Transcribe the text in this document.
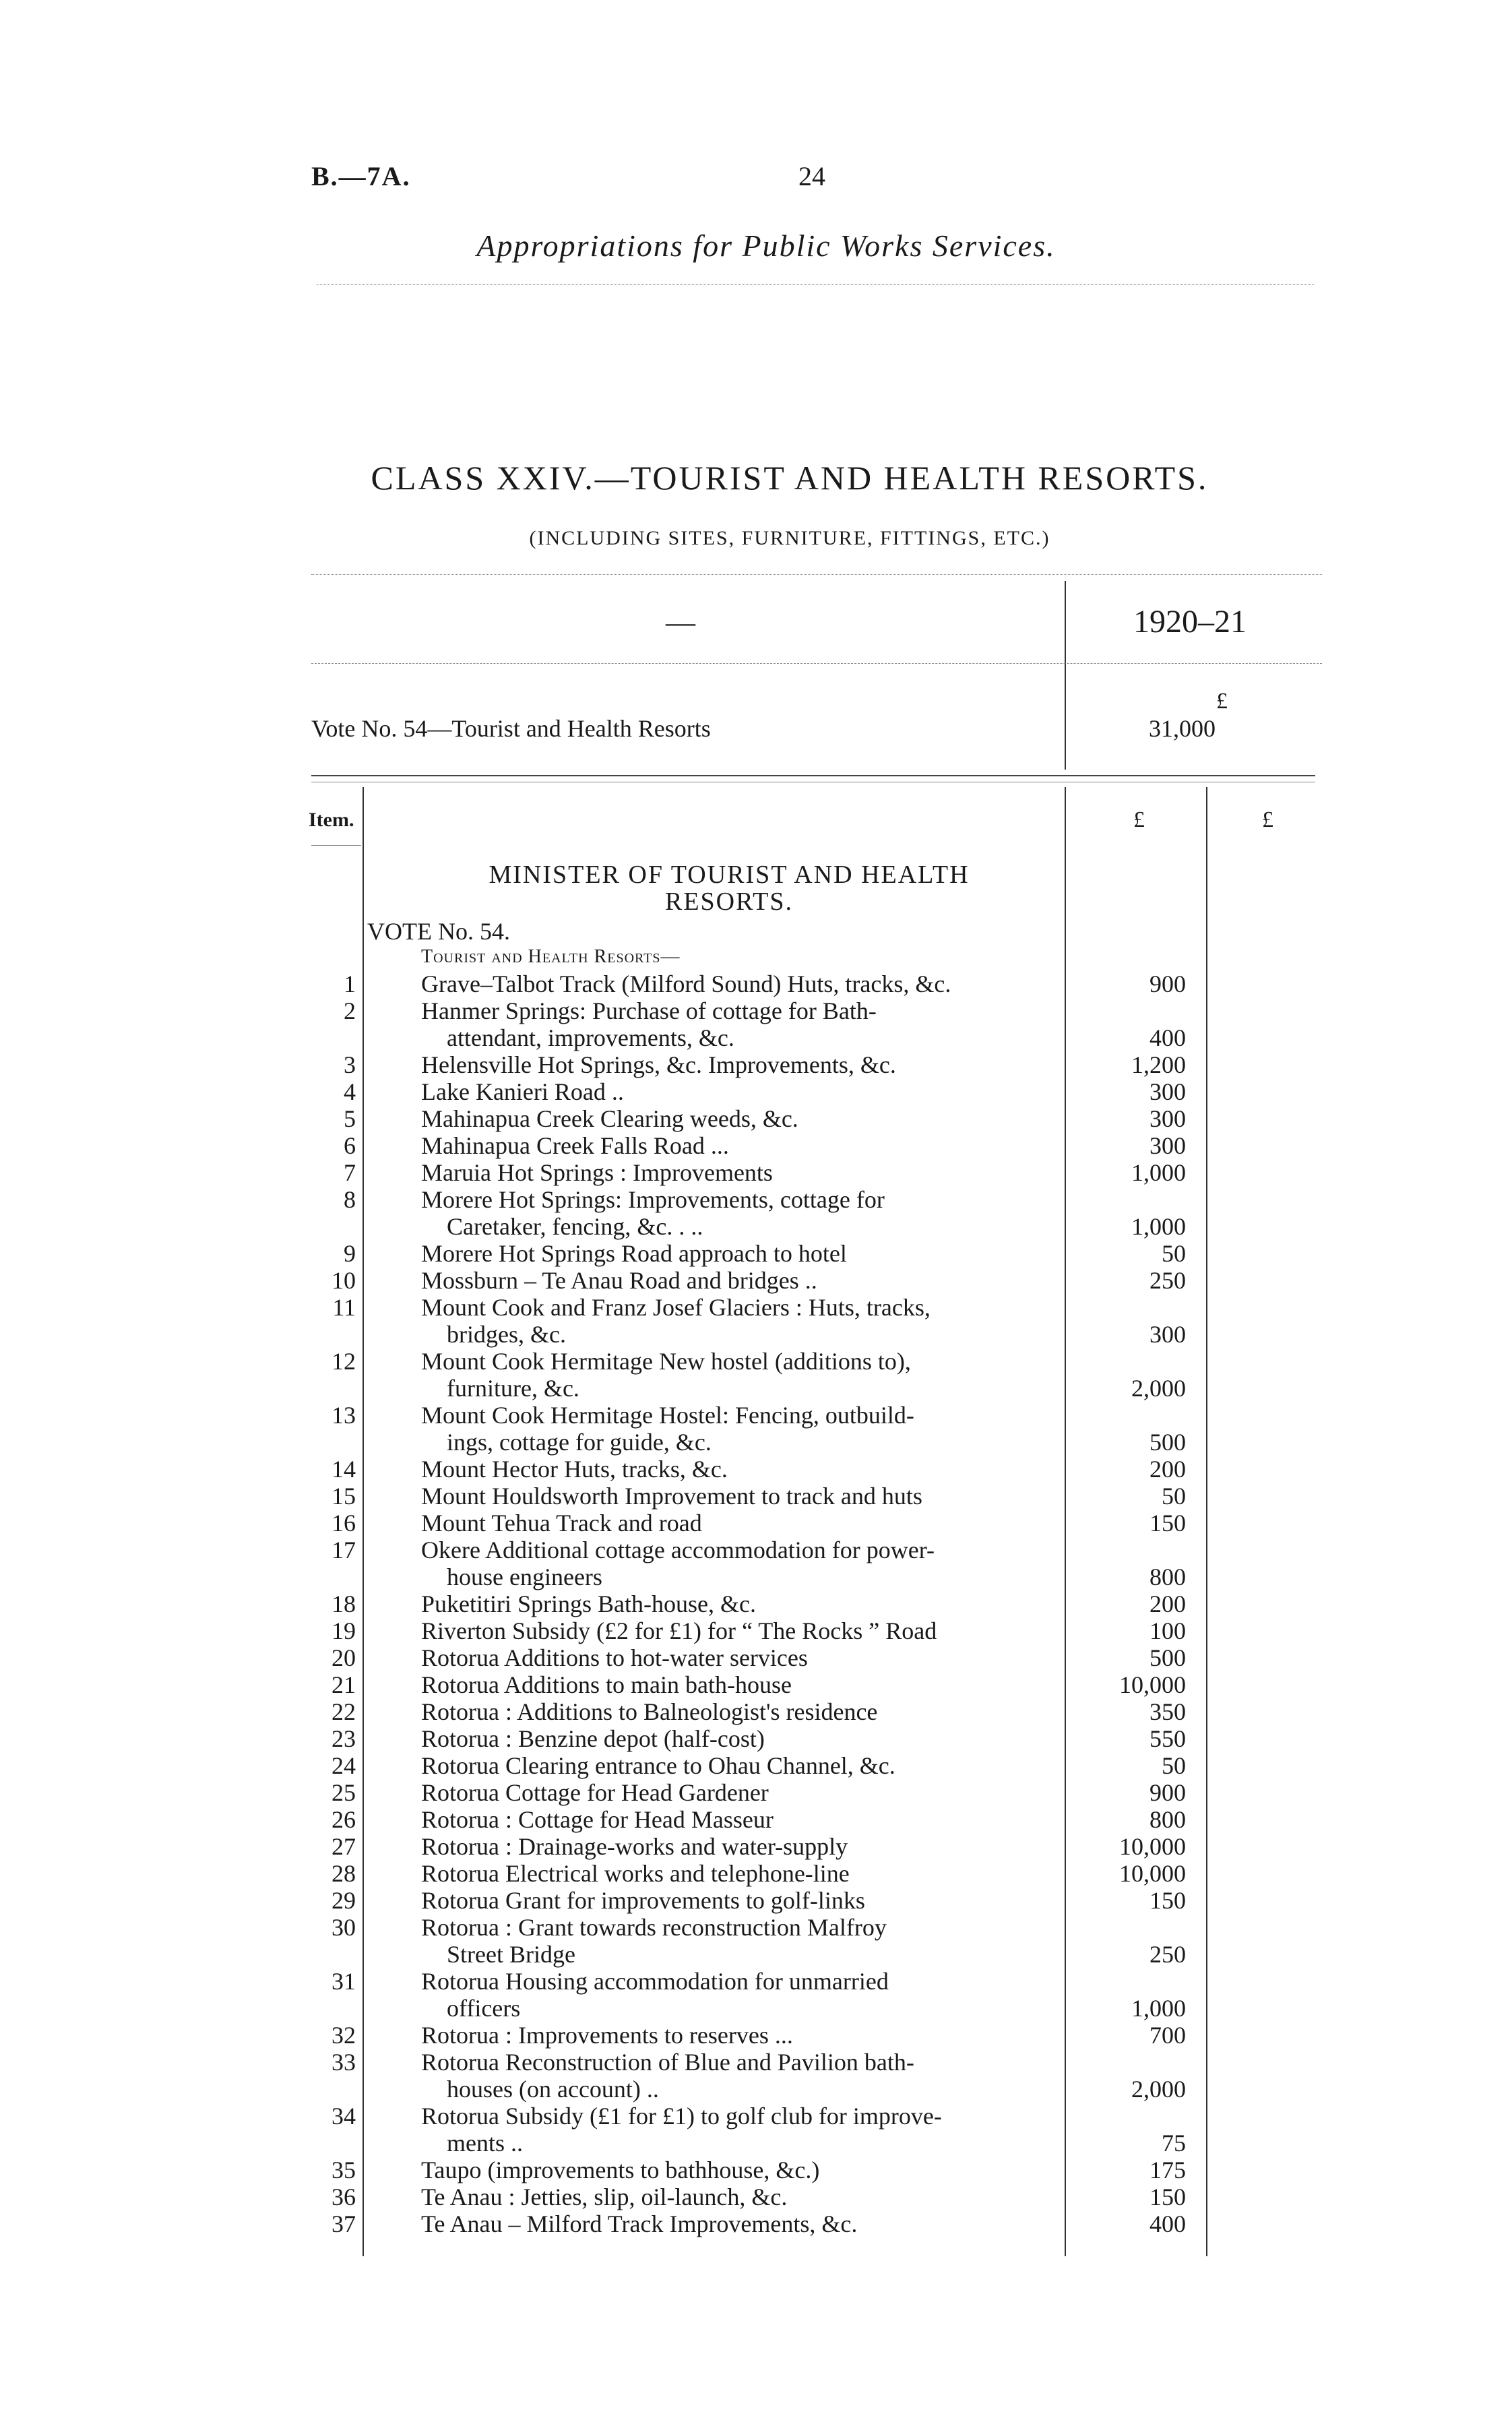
B.—7A.	24
Appropriations for Public Works Services.
CLASS XXIV.—TOURIST AND HEALTH RESORTS.
(INCLUDING SITES, FURNITURE, FITTINGS, ETC.)
—	1920–21
Vote No. 54—Tourist and Health Resorts
£
31,000
Item.	£	£
MINISTER OF TOURIST AND HEALTH
RESORTS.
VOTE No. 54.
Tourist and Health Resorts—
1	Grave–Talbot Track (Milford Sound) Huts, tracks, &c.	900
2	Hanmer Springs: Purchase of cottage for Bath-
attendant, improvements, &c.	400
3	Helensville Hot Springs, &c. Improvements, &c.	1,200
4	Lake Kanieri Road ..	300
5	Mahinapua Creek Clearing weeds, &c.	300
6	Mahinapua Creek Falls Road ...	300
7	Maruia Hot Springs : Improvements	1,000
8	Morere Hot Springs: Improvements, cottage for
Caretaker, fencing, &c. . ..	1,000
9	Morere Hot Springs Road approach to hotel	50
10	Mossburn – Te Anau Road and bridges ..	250
11	Mount Cook and Franz Josef Glaciers : Huts, tracks,
bridges, &c.	300
12	Mount Cook Hermitage New hostel (additions to),
furniture, &c.	2,000
13	Mount Cook Hermitage Hostel: Fencing, outbuild-
ings, cottage for guide, &c.	500
14	Mount Hector Huts, tracks, &c.	200
15	Mount Houldsworth Improvement to track and huts	50
16	Mount Tehua Track and road	150
17	Okere Additional cottage accommodation for power-
house engineers	800
18	Puketitiri Springs Bath-house, &c.	200
19	Riverton Subsidy (£2 for £1) for “ The Rocks ” Road	100
20	Rotorua Additions to hot-water services	500
21	Rotorua Additions to main bath-house	10,000
22	Rotorua : Additions to Balneologist's residence	350
23	Rotorua : Benzine depot (half-cost)	550
24	Rotorua Clearing entrance to Ohau Channel, &c.	50
25	Rotorua Cottage for Head Gardener	900
26	Rotorua : Cottage for Head Masseur	800
27	Rotorua : Drainage-works and water-supply	10,000
28	Rotorua Electrical works and telephone-line	10,000
29	Rotorua Grant for improvements to golf-links	150
30	Rotorua : Grant towards reconstruction Malfroy
Street Bridge	250
31	Rotorua Housing accommodation for unmarried
officers	1,000
32	Rotorua : Improvements to reserves ...	700
33	Rotorua Reconstruction of Blue and Pavilion bath-
houses (on account) ..	2,000
34	Rotorua Subsidy (£1 for £1) to golf club for improve-
ments ..	75
35	Taupo (improvements to bathhouse, &c.)	175
36	Te Anau : Jetties, slip, oil-launch, &c.	150
37	Te Anau – Milford Track Improvements, &c.	400
